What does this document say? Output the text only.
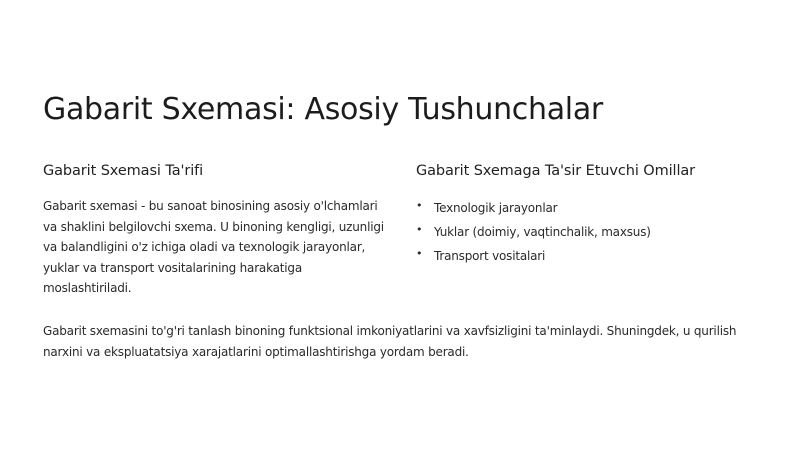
Gabarit Sxemasi: Asosiy Tushunchalar
Gabarit Sxemasi Ta'rifi

Gabarit sxemasi - bu sanoat binosining asosiy o'lchamlari va shaklini belgilovchi sxema. U binoning kengligi, uzunligi va balandligini o'z ichiga oladi va texnologik jarayonlar, yuklar va transport vositalarining harakatiga moslashtiriladi.

Gabarit Sxemaga Ta'sir Etuvchi Omillar
• Texnologik jarayonlar
• Yuklar (doimiy, vaqtinchalik, maxsus)
• Transport vositalari

Gabarit sxemasini to'g'ri tanlash binoning funktsional imkoniyatlarini va xavfsizligini ta'minlaydi. Shuningdek, u qurilish narxini va ekspluatatsiya xarajatlarini optimallashtirishga yordam beradi.
